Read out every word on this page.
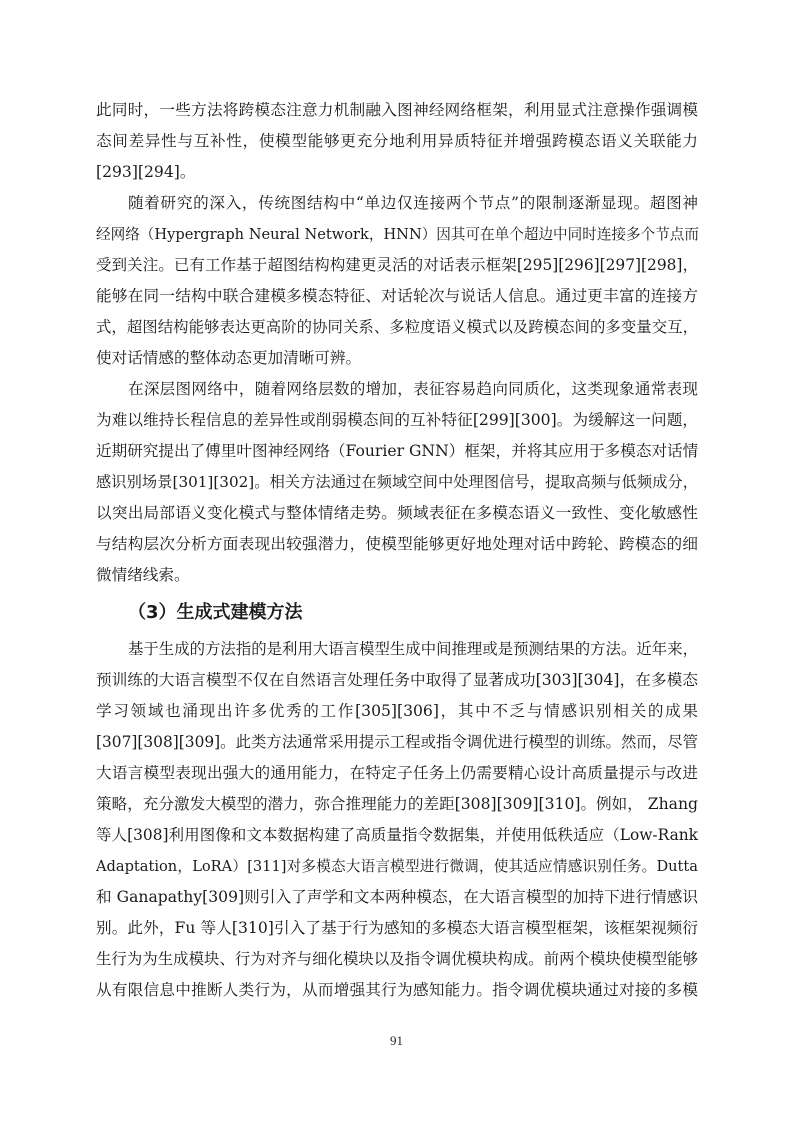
此同时，一些方法将跨模态注意力机制融入图神经网络框架，利用显式注意操作强调模
态间差异性与互补性，使模型能够更充分地利用异质特征并增强跨模态语义关联能力
[293][294]。
随着研究的深入，传统图结构中“单边仅连接两个节点”的限制逐渐显现。超图神
经网络（Hypergraph Neural Network，HNN）因其可在单个超边中同时连接多个节点而
受到关注。已有工作基于超图结构构建更灵活的对话表示框架[295][296][297][298]，
能够在同一结构中联合建模多模态特征、对话轮次与说话人信息。通过更丰富的连接方
式，超图结构能够表达更高阶的协同关系、多粒度语义模式以及跨模态间的多变量交互，
使对话情感的整体动态更加清晰可辨。
在深层图网络中，随着网络层数的增加，表征容易趋向同质化，这类现象通常表现
为难以维持长程信息的差异性或削弱模态间的互补特征[299][300]。为缓解这一问题，
近期研究提出了傅里叶图神经网络（Fourier GNN）框架，并将其应用于多模态对话情
感识别场景[301][302]。相关方法通过在频域空间中处理图信号，提取高频与低频成分，
以突出局部语义变化模式与整体情绪走势。频域表征在多模态语义一致性、变化敏感性
与结构层次分析方面表现出较强潜力，使模型能够更好地处理对话中跨轮、跨模态的细
微情绪线索。
（3）生成式建模方法
基于生成的方法指的是利用大语言模型生成中间推理或是预测结果的方法。近年来，
预训练的大语言模型不仅在自然语言处理任务中取得了显著成功[303][304]，在多模态
学习领域也涌现出许多优秀的工作[305][306]，其中不乏与情感识别相关的成果
[307][308][309]。此类方法通常采用提示工程或指令调优进行模型的训练。然而，尽管
大语言模型表现出强大的通用能力，在特定子任务上仍需要精心设计高质量提示与改进
策略，充分激发大模型的潜力，弥合推理能力的差距[308][309][310]。例如， Zhang
等人[308]利用图像和文本数据构建了高质量指令数据集，并使用低秩适应（Low-Rank
Adaptation，LoRA）[311]对多模态大语言模型进行微调，使其适应情感识别任务。Dutta
和 Ganapathy[309]则引入了声学和文本两种模态，在大语言模型的加持下进行情感识
别。此外，Fu 等人[310]引入了基于行为感知的多模态大语言模型框架，该框架视频衍
生行为为生成模块、行为对齐与细化模块以及指令调优模块构成。前两个模块使模型能够
从有限信息中推断人类行为，从而增强其行为感知能力。指令调优模块通过对接的多模
91
